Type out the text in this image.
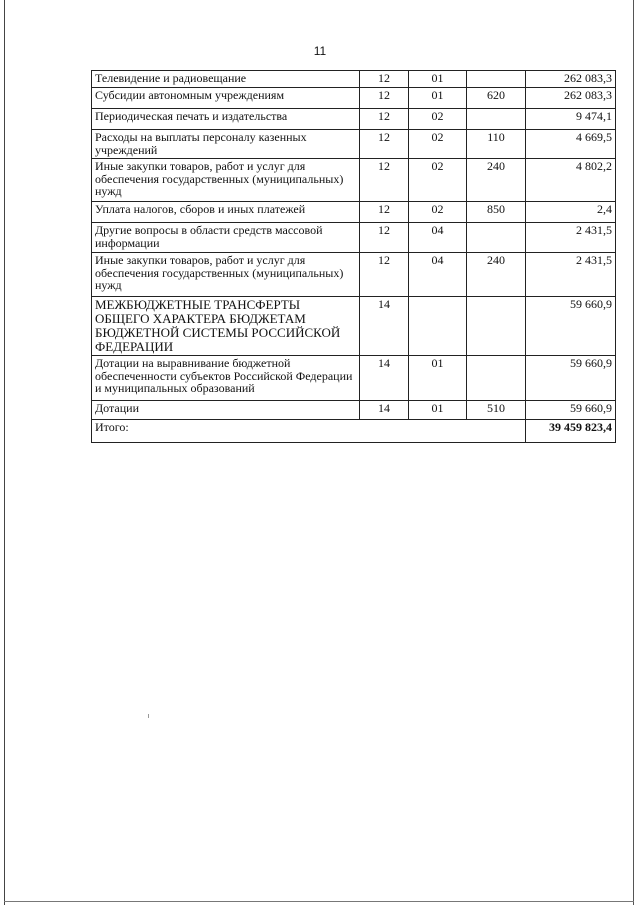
11
Телевидение и радиовещание	12	01		262 083,3
Субсидии автономным учреждениям	12	01	620	262 083,3
Периодическая печать и издательства	12	02		9 474,1
Расходы на выплаты персоналу казенных учреждений	12	02	110	4 669,5
Иные закупки товаров, работ и услуг для обеспечения государственных (муниципальных) нужд	12	02	240	4 802,2
Уплата налогов, сборов и иных платежей	12	02	850	2,4
Другие вопросы в области средств массовой информации	12	04		2 431,5
Иные закупки товаров, работ и услуг для обеспечения государственных (муниципальных) нужд	12	04	240	2 431,5
МЕЖБЮДЖЕТНЫЕ ТРАНСФЕРТЫ ОБЩЕГО ХАРАКТЕРА БЮДЖЕТАМ БЮДЖЕТНОЙ СИСТЕМЫ РОССИЙСКОЙ ФЕДЕРАЦИИ	14			59 660,9
Дотации на выравнивание бюджетной обеспеченности субъектов Российской Федерации и муниципальных образований	14	01		59 660,9
Дотации	14	01	510	59 660,9
Итого:				39 459 823,4
